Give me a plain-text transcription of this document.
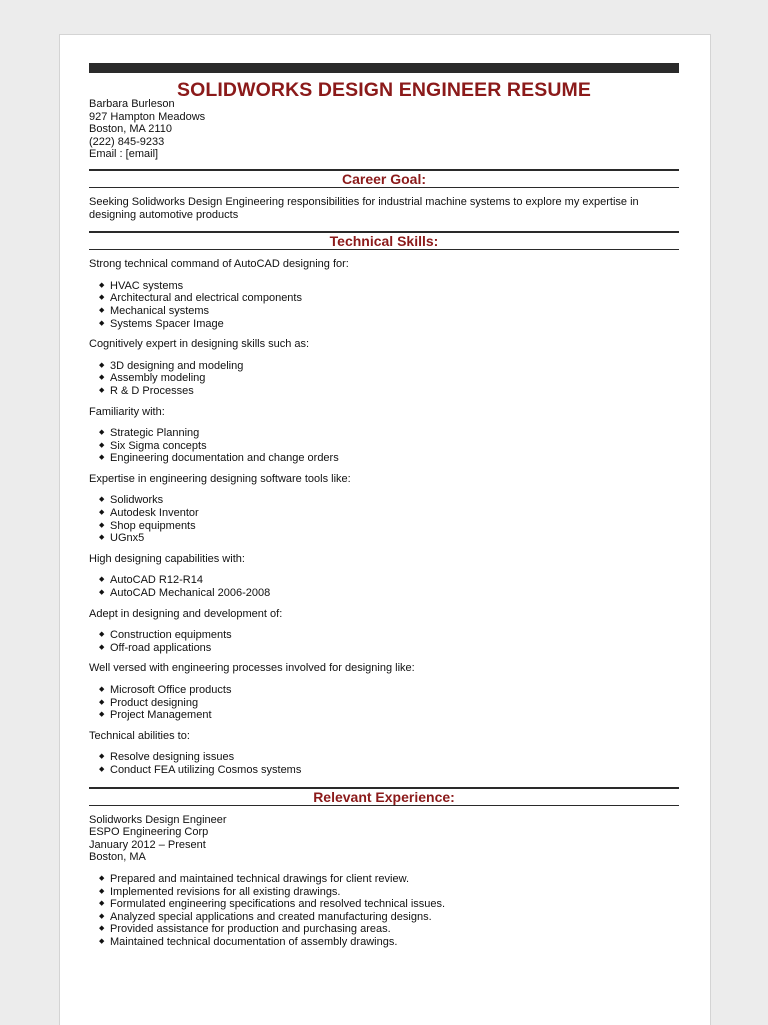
SOLIDWORKS DESIGN ENGINEER RESUME
Barbara Burleson
927 Hampton Meadows
Boston, MA 2110
(222) 845-9233
Email : [email]
Career Goal:

Seeking Solidworks Design Engineering responsibilities for industrial machine systems to explore my expertise in designing automotive products

Technical Skills:

Strong technical command of AutoCAD designing for:

◆ HVAC systems
◆ Architectural and electrical components
◆ Mechanical systems
◆ Systems Spacer Image

Cognitively expert in designing skills such as:

◆ 3D designing and modeling
◆ Assembly modeling
◆ R & D Processes

Familiarity with:

◆ Strategic Planning
◆ Six Sigma concepts
◆ Engineering documentation and change orders

Expertise in engineering designing software tools like:

◆ Solidworks
◆ Autodesk Inventor
◆ Shop equipments
◆ UGnx5

High designing capabilities with:

◆ AutoCAD R12-R14
◆ AutoCAD Mechanical 2006-2008

Adept in designing and development of:

◆ Construction equipments
◆ Off-road applications

Well versed with engineering processes involved for designing like:

◆ Microsoft Office products
◆ Product designing
◆ Project Management

Technical abilities to:

◆ Resolve designing issues
◆ Conduct FEA utilizing Cosmos systems
Relevant Experience:
Solidworks Design Engineer
ESPO Engineering Corp
January 2012 – Present
Boston, MA
◆ Prepared and maintained technical drawings for client review.
◆ Implemented revisions for all existing drawings.
◆ Formulated engineering specifications and resolved technical issues.
◆ Analyzed special applications and created manufacturing designs.
◆ Provided assistance for production and purchasing areas.
◆ Maintained technical documentation of assembly drawings.
